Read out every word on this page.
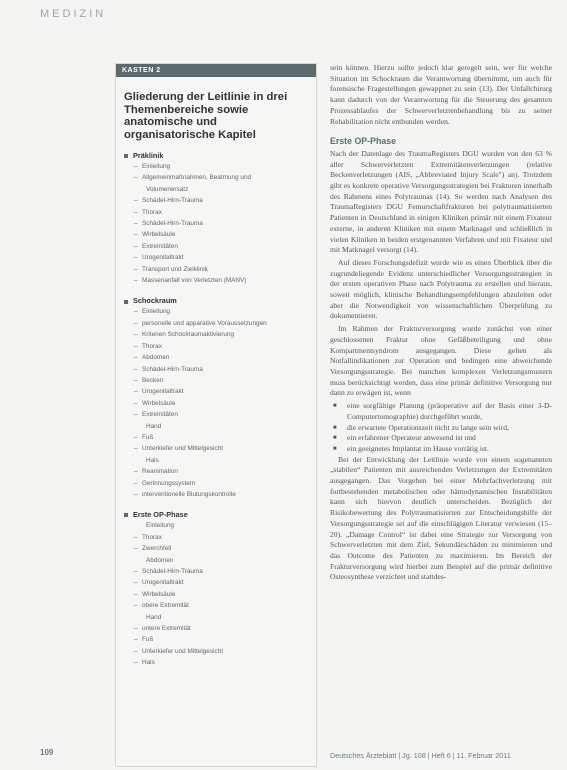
MEDIZIN
KASTEN 2
Gliederung der Leitlinie in drei Themenbereiche sowie anatomische und organisatorische Kapitel
Präklinik
– Einleitung
– Allgemeinmaßnahmen, Beatmung und
Volumenersatz
– Schädel-Hirn-Trauma
– Thorax
– Schädel-Hirn-Trauma
– Wirbelsäule
– Extremitäten
– Urogenitaltrakt
– Transport und Zielklinik
– Massenanfall von Verletzten (MANV)
Schockraum
– Einleitung
– personelle und apparative Voraussetzungen
– Kriterien Schockraumaktivierung
– Thorax
– Abdomen
– Schädel-Hirn-Trauma
– Becken
– Urogenitaltrakt
– Wirbelsäule
– Extremitäten
Hand
– Fuß
– Unterkiefer und Mittelgesicht
Hals
– Reanimation
– Gerinnungssystem
– interventionelle Blutungskontrolle
Erste OP-Phase
Einleitung
– Thorax
– Zwerchfell
Abdomen
– Schädel-Hirn-Trauma
– Urogenitaltrakt
– Wirbelsäule
– obere Extremität
Hand
– untere Extremität
– Fuß
– Unterkiefer und Mittelgesicht
– Hals

sein können. Hierzu sollte jedoch klar geregelt sein, wer für welche Situation im Schockraum die Verantwortung übernimmt, um auch für forensische Fragestellungen gewappnet zu sein (13). Der Unfallchirurg kann dadurch von der Verantwortung für die Steuerung des gesamten Prozessablaufes der Schwerverletztenbehandlung bis zu seiner Rehabilitation nicht entbunden werden.

Erste OP-Phase

Nach der Datenlage des TraumaRegisters DGU wurden von den 63 % aller Schwerverletzten Extremitätenverletzungen (relative Beckenverletzungen (AIS, „Abbreviated Injury Scale") an). Trotzdem gibt es konkrete operative Versorgungsstrategien bei Frakturen innerhalb des Rahmens eines Polytraumas (14). So werden nach Analysen des TraumaRegisters DGU Femurschaftfrakturen bei polytraumatisierten Patienten in Deutschland in einigen Kliniken primär mit einem Fixateur externe, in anderen Kliniken mit einem Marknagel und schließlich in vielen Kliniken in beiden erstgenannten Verfahren und mit Fixateur und mit Marknagel versorgt (14).

Auf dieses Forschungsdefizit wurde wie es einen Überblick über die zugrundeliegende Evidenz unterschiedlicher Versorgungsstrategien in der ersten operativen Phase nach Polytrauma zu erstellen und hieraus, soweit möglich, klinische Behandlungsempfehlungen abzuleiten oder aber die Notwendigkeit von wissenschaftlichen Überprüfung zu dokumentieren.

Im Rahmen der Frakturversorgung wurde zunächst von einer geschlossenen Fraktur ohne Gefäßbeteiligung und ohne Kompartmentsyndrom ausgegangen. Diese gelten als Notfallindikationen zur Operation und bedingen eine abweichende Versorgungsstrategie. Bei manchen komplexen Verletzungsmustern muss berücksichtigt werden, dass eine primär definitive Versorgung nur dann zu erwägen ist, wenn

■ eine sorgfältige Planung (präoperative auf der Basis einer 3-D-Computertomographie) durchgeführt wurde,
■ die erwartete Operationszeit nicht zu lange sein wird,
■ ein erfahrener Operateur anwesend ist und
■ ein geeignetes Implantat im Hause vorrätig ist.

Bei der Entwicklung der Leitlinie wurde von einem sogenannten „stabilen“ Patienten mit ausreichenden Verletzungen der Extremitäten ausgegangen. Das Vorgehen bei einer Mehrfachverletzung mit fortbestehenden metabolischen oder hämodynamischen Instabilitäten kann sich hiervon deutlich unterscheiden. Bezüglich der Risikobewertung des Polytraumatisierten zur Entscheidungshilfe der Versorgungsstrategie sei auf die einschlägigen Literatur verwiesen (15–20). „Damage Control“ ist dabei eine Strategie zur Versorgung von Schwerverletzten mit dem Ziel, Sekundärschäden zu minimieren und das Outcome des Patienten zu maximieren. Im Bereich der Frakturversorgung wird hierbei zum Beispiel auf die primär definitive Osteosynthese verzichtet und stattdes-

109	Deutsches Ärzteblatt | Jg. 108 | Heft 6 | 11. Februar 2011
